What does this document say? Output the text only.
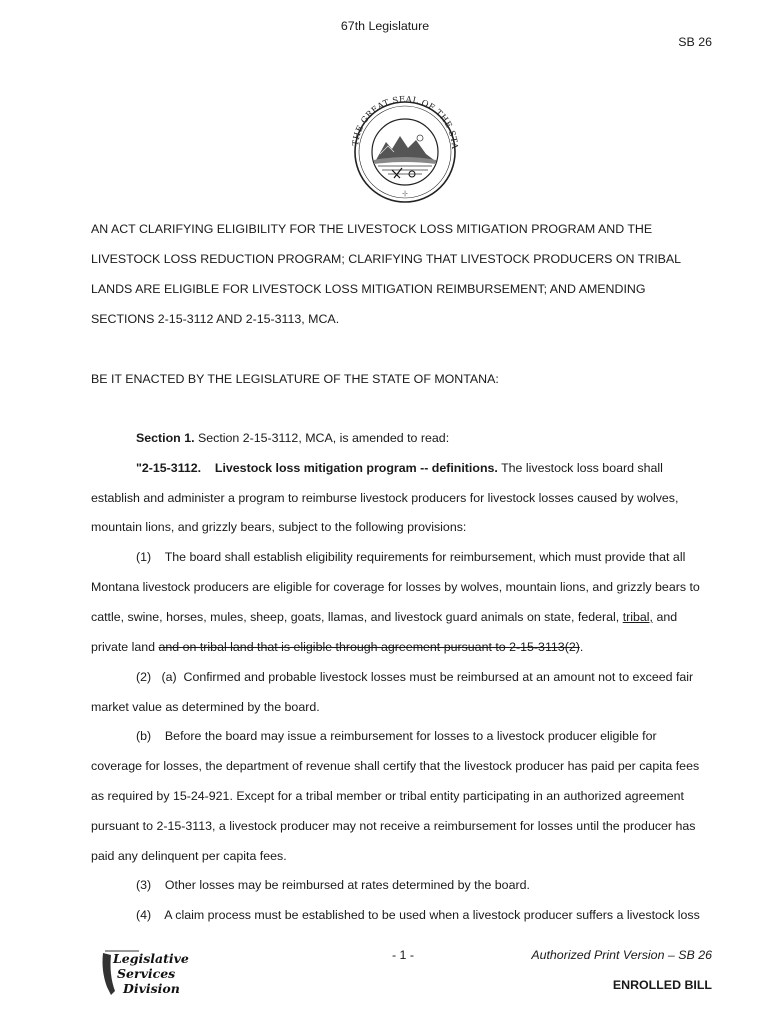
67th Legislature
SB 26
THE GREAT SEAL OF THE STA
-|-
AN ACT CLARIFYING ELIGIBILITY FOR THE LIVESTOCK LOSS MITIGATION PROGRAM AND THE
LIVESTOCK LOSS REDUCTION PROGRAM; CLARIFYING THAT LIVESTOCK PRODUCERS ON TRIBAL
LANDS ARE ELIGIBLE FOR LIVESTOCK LOSS MITIGATION REIMBURSEMENT; AND AMENDING
SECTIONS 2-15-3112 AND 2-15-3113, MCA.
BE IT ENACTED BY THE LEGISLATURE OF THE STATE OF MONTANA:
Section 1. Section 2-15-3112, MCA, is amended to read:
"2-15-3112.    Livestock loss mitigation program -- definitions. The livestock loss board shall
establish and administer a program to reimburse livestock producers for livestock losses caused by wolves,
mountain lions, and grizzly bears, subject to the following provisions:
(1)    The board shall establish eligibility requirements for reimbursement, which must provide that all
Montana livestock producers are eligible for coverage for losses by wolves, mountain lions, and grizzly bears to
cattle, swine, horses, mules, sheep, goats, llamas, and livestock guard animals on state, federal, tribal, and
private land and on tribal land that is eligible through agreement pursuant to 2-15-3113(2).
(2)   (a)  Confirmed and probable livestock losses must be reimbursed at an amount not to exceed fair
market value as determined by the board.
(b)    Before the board may issue a reimbursement for losses to a livestock producer eligible for
coverage for losses, the department of revenue shall certify that the livestock producer has paid per capita fees
as required by 15-24-921. Except for a tribal member or tribal entity participating in an authorized agreement
pursuant to 2-15-3113, a livestock producer may not receive a reimbursement for losses until the producer has
paid any delinquent per capita fees.
(3)    Other losses may be reimbursed at rates determined by the board.
(4)    A claim process must be established to be used when a livestock producer suffers a livestock loss
Legislative
Services
Division
- 1 -	Authorized Print Version – SB 26
ENROLLED BILL
